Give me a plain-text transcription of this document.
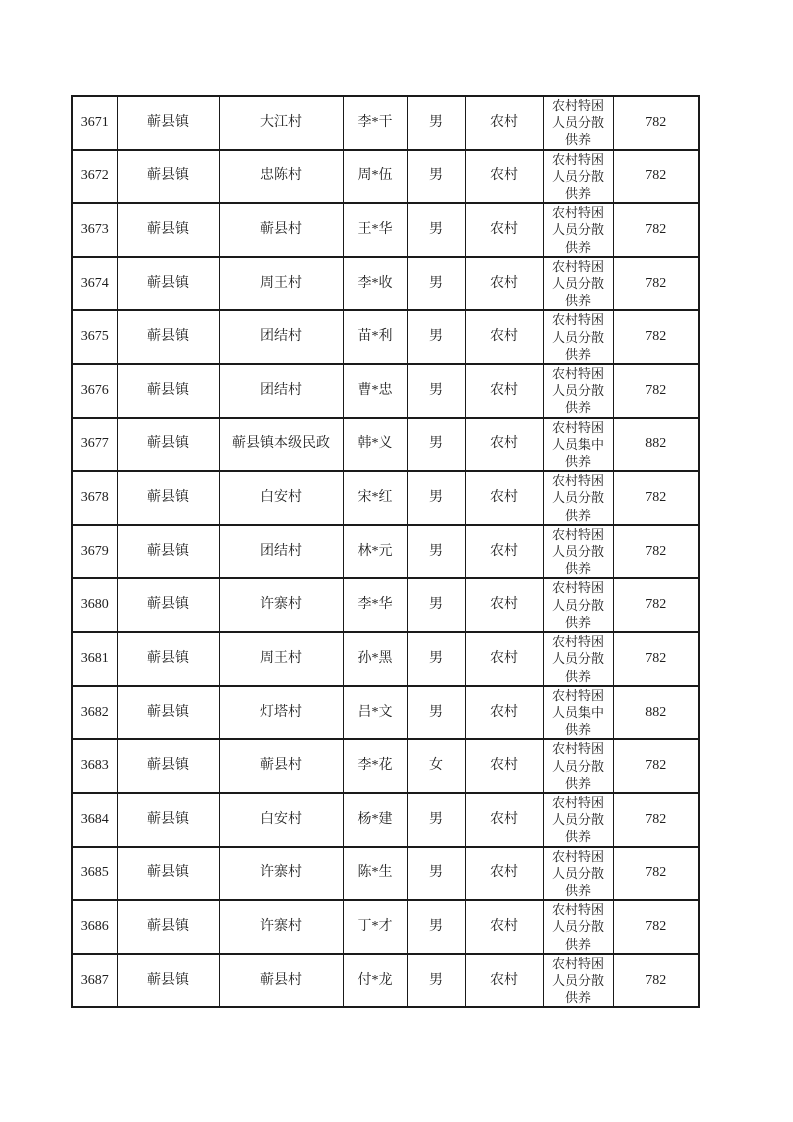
3671	蕲县镇	大江村	李*干	男	农村	农村特困人员分散供养	782
3672	蕲县镇	忠陈村	周*伍	男	农村	农村特困人员分散供养	782
3673	蕲县镇	蕲县村	王*华	男	农村	农村特困人员分散供养	782
3674	蕲县镇	周王村	李*收	男	农村	农村特困人员分散供养	782
3675	蕲县镇	团结村	苗*利	男	农村	农村特困人员分散供养	782
3676	蕲县镇	团结村	曹*忠	男	农村	农村特困人员分散供养	782
3677	蕲县镇	蕲县镇本级民政	韩*义	男	农村	农村特困人员集中供养	882
3678	蕲县镇	白安村	宋*红	男	农村	农村特困人员分散供养	782
3679	蕲县镇	团结村	林*元	男	农村	农村特困人员分散供养	782
3680	蕲县镇	许寨村	李*华	男	农村	农村特困人员分散供养	782
3681	蕲县镇	周王村	孙*黑	男	农村	农村特困人员分散供养	782
3682	蕲县镇	灯塔村	吕*文	男	农村	农村特困人员集中供养	882
3683	蕲县镇	蕲县村	李*花	女	农村	农村特困人员分散供养	782
3684	蕲县镇	白安村	杨*建	男	农村	农村特困人员分散供养	782
3685	蕲县镇	许寨村	陈*生	男	农村	农村特困人员分散供养	782
3686	蕲县镇	许寨村	丁*才	男	农村	农村特困人员分散供养	782
3687	蕲县镇	蕲县村	付*龙	男	农村	农村特困人员分散供养	782
